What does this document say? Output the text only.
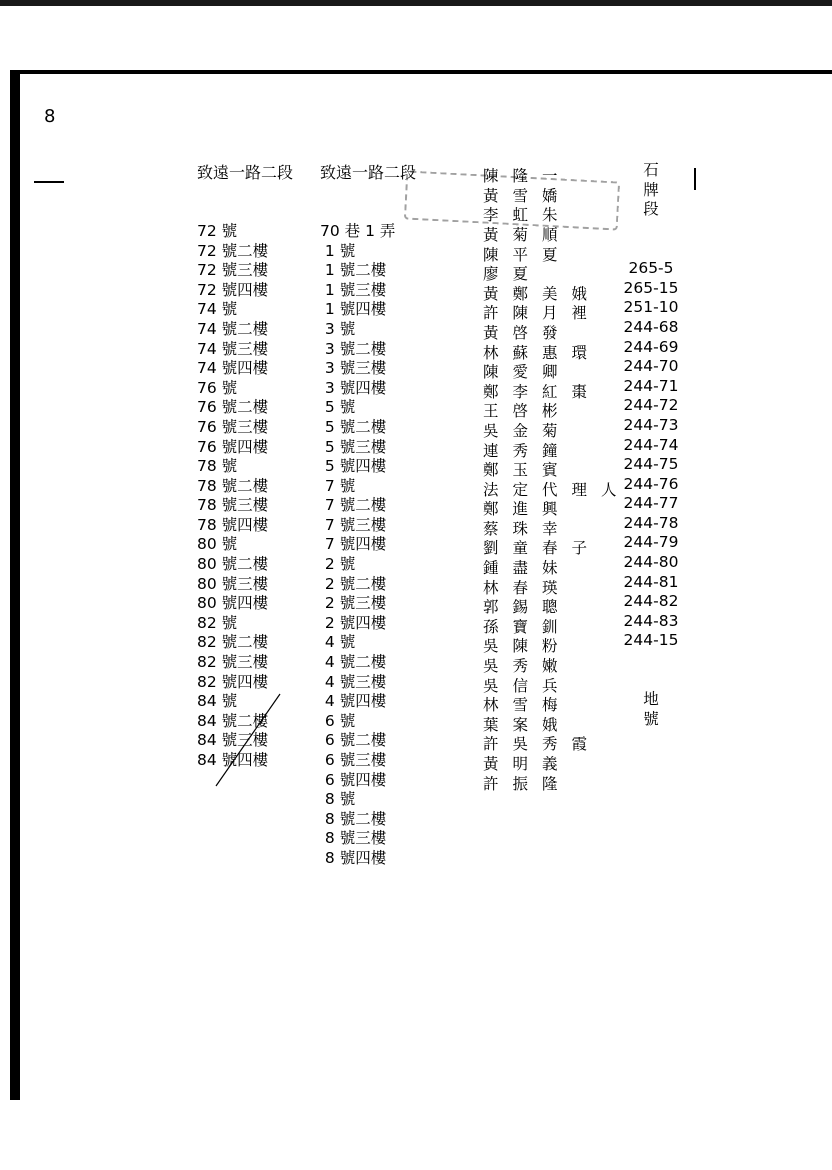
8

致遠一路二段

72 號
72 號二樓
72 號三樓
72 號四樓
74 號
74 號二樓
74 號三樓
74 號四樓
76 號
76 號二樓
76 號三樓
76 號四樓
78 號
78 號二樓
78 號三樓
78 號四樓
80 號
80 號二樓
80 號三樓
80 號四樓
82 號
82 號二樓
82 號三樓
82 號四樓
84 號
84 號二樓
84 號三樓
84 號四樓

致遠一路二段

70 巷 1 弄
1 號
1 號二樓
1 號三樓
1 號四樓
3 號
3 號二樓
3 號三樓
3 號四樓
5 號
5 號二樓
5 號三樓
5 號四樓
7 號
7 號二樓
7 號三樓
7 號四樓
2 號
2 號二樓
2 號三樓
2 號四樓
4 號
4 號二樓
4 號三樓
4 號四樓
6 號
6 號二樓
6 號三樓
6 號四樓
8 號
8 號二樓
8 號三樓
8 號四樓

陳隆一
黃雪嬌
李虹朱
黃菊順
陳平夏
廖夏
黃鄭美娥
許陳月裡
黃啓發
林蘇惠環
陳愛卿
鄭李紅棗
王啓彬
吳金菊
連秀鐘
鄭玉賓
法定代理人
鄭進興
蔡珠幸
劉童春子
鍾盡妹
林春瑛
郭錫聰
孫寶釧
吳陳粉
吳秀嫩
吳信兵
林雪梅
葉案娥
許吳秀霞
黃明義
許振隆

石
牌
段

265-5
265-15
251-10
244-68
244-69
244-70
244-71
244-72
244-73
244-74
244-75
244-76
244-77
244-78
244-79
244-80
244-81
244-82
244-83
244-15

地
號
